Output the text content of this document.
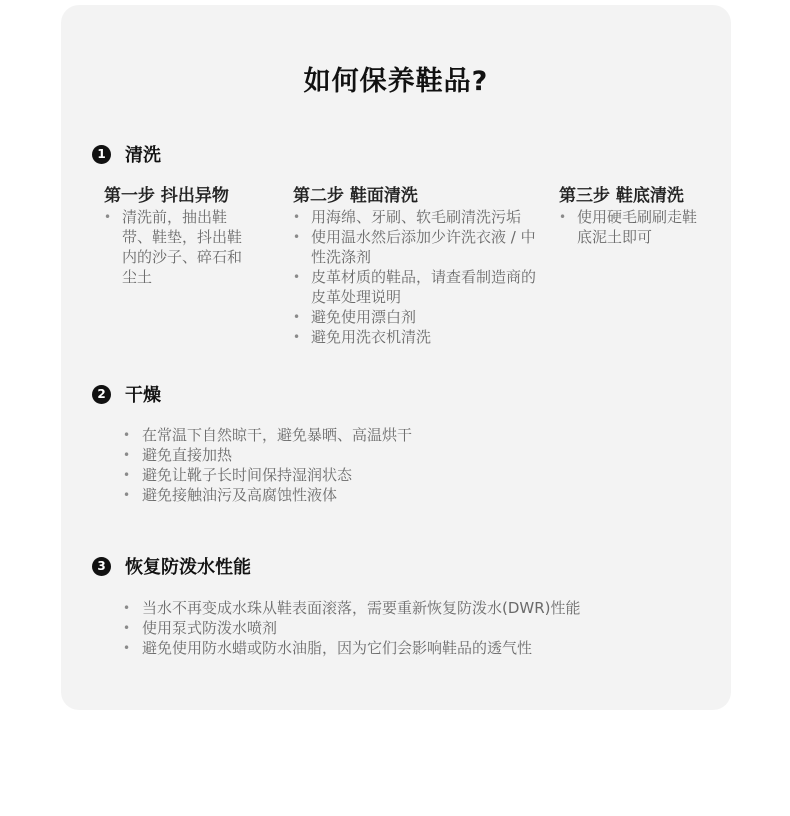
如何保养鞋品?
1 清洗
第一步 抖出异物
• 清洗前，抽出鞋带、鞋垫，抖出鞋内的沙子、碎石和尘土
第二步 鞋面清洗
• 用海绵、牙刷、软毛刷清洗污垢
• 使用温水然后添加少许洗衣液 / 中性洗涤剂
• 皮革材质的鞋品，请查看制造商的皮革处理说明
• 避免使用漂白剂
• 避免用洗衣机清洗
第三步 鞋底清洗
• 使用硬毛刷刷走鞋底泥土即可
2 干燥
• 在常温下自然晾干，避免暴晒、高温烘干
• 避免直接加热
• 避免让靴子长时间保持湿润状态
• 避免接触油污及高腐蚀性液体
3 恢复防泼水性能
• 当水不再变成水珠从鞋表面滚落，需要重新恢复防泼水(DWR)性能
• 使用泵式防泼水喷剂
• 避免使用防水蜡或防水油脂，因为它们会影响鞋品的透气性
